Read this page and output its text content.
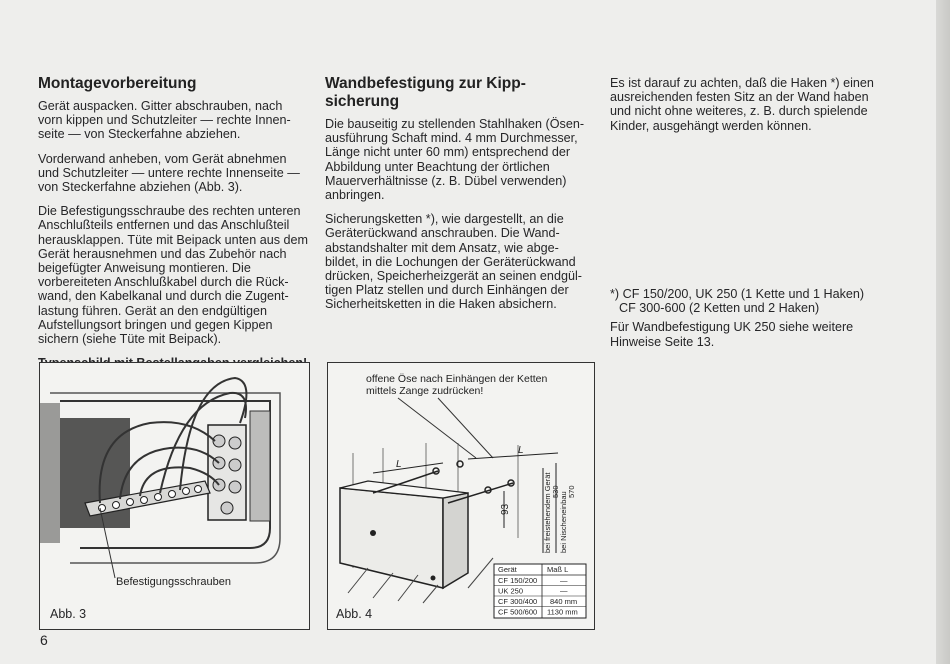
Montagevorbereitung

Gerät auspacken. Gitter abschrauben, nach vorn kippen und Schutzleiter — rechte Innen-seite — von Steckerfahne abziehen.

Vorderwand anheben, vom Gerät abnehmen und Schutzleiter — untere rechte Innenseite — von Steckerfahne abziehen (Abb. 3).

Die Befestigungsschraube des rechten unteren Anschlußteils entfernen und das Anschlußteil herausklappen. Tüte mit Beipack unten aus dem Gerät herausnehmen und das Zubehör nach beigefügter Anweisung montieren. Die vorbereiteten Anschlußkabel durch die Rück-wand, den Kabelkanal und durch die Zugent-lastung führen. Gerät an den endgültigen Aufstellungsort bringen und gegen Kippen sichern (siehe Tüte mit Beipack).

Wandbefestigung zur Kipp-sicherung

Die bauseitig zu stellenden Stahlhaken (Ösen-ausführung Schaft mind. 4 mm Durchmesser, Länge nicht unter 60 mm) entsprechend der Abbildung unter Beachtung der örtlichen Mauerverhältnisse (z. B. Dübel verwenden) anbringen.

Sicherungsketten *), wie dargestellt, an die Geräterückwand anschrauben. Die Wand-abstandshalter mit dem Ansatz, wie abge-bildet, in die Lochungen der Geräterückwand drücken, Speicherheizgerät an seinen endgül-tigen Platz stellen und durch Einhängen der Sicherheitsketten in die Haken absichern.

Es ist darauf zu achten, daß die Haken *) einen ausreichenden festen Sitz an der Wand haben und nicht ohne weiteres, z. B. durch spielende Kinder, ausgehängt werden können.

*) CF 150/200, UK 250 (1 Kette und 1 Haken)

CF 300-600 (2 Ketten und 2 Haken)

Für Wandbefestigung UK 250 siehe weitere Hinweise Seite 13.

Befestigungsschrauben
Abb. 3
offene Öse nach Einhängen der Ketten
mittels Zange zudrücken!
L
L
93	bei freistehendem Gerät bei Nischeneinbau
530 570
Gerät	Maß L
CF 150/200	—
UK 250	—
CF 300/400 840 mm
CF 500/600 1130 mm
Abb. 4
6
